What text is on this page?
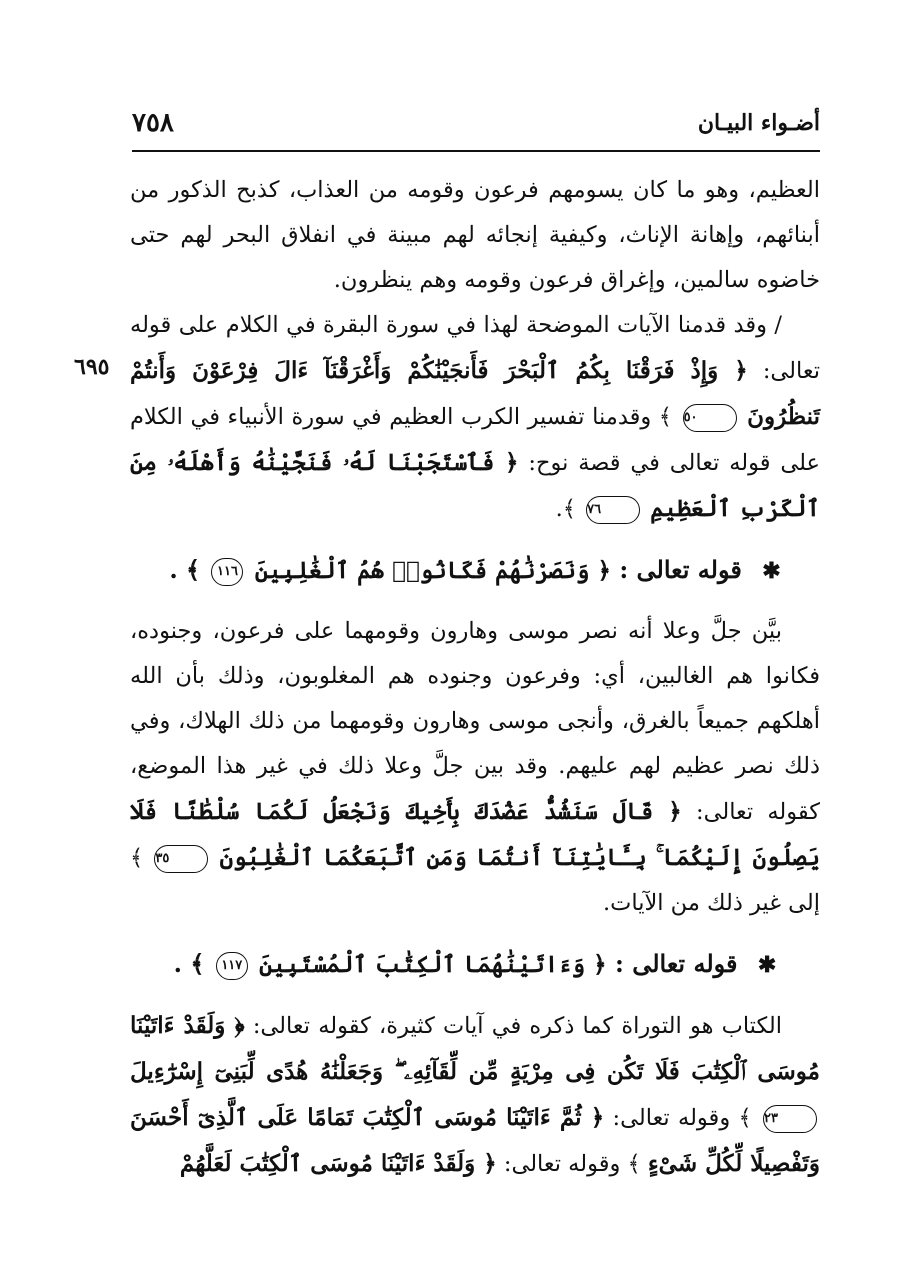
أضـواء البيـان
٧٥٨
٦٩٥

العظيم، وهو ما كان يسومهم فرعون وقومه من العذاب، كذبح الذكور من أبنائهم، وإهانة الإناث، وكيفية إنجائه لهم مبينة في انفلاق البحر لهم حتى خاضوه سالمين، وإغراق فرعون وقومه وهم ينظرون.

/ وقد قدمنا الآيات الموضحة لهذا في سورة البقرة في الكلام على قوله تعالى: ﴿ وَإِذْ فَرَقْنَا بِكُمُ ٱلْبَحْرَ فَأَنجَيْنَٰكُمْ وَأَغْرَقْنَآ ءَالَ فِرْعَوْنَ وَأَنتُمْ تَنظُرُونَ ٥٠ ﴾ وقدمنا تفسير الكرب العظيم في سورة الأنبياء في الكلام على قوله تعالى في قصة نوح: ﴿ فَٱسْتَجَبْنَا لَهُۥ فَنَجَّيْنَٰهُ وَأَهْلَهُۥ مِنَ ٱلْكَرْبِ ٱلْعَظِيمِ ٧٦ ﴾.

✱ قوله تعالى : ﴿ وَنَصَرْنَٰهُمْ فَكَانُوا۟ هُمُ ٱلْغَٰلِبِينَ ١١٦ ﴾ .

بيَّن جلَّ وعلا أنه نصر موسى وهارون وقومهما على فرعون، وجنوده، فكانوا هم الغالبين، أي: وفرعون وجنوده هم المغلوبون، وذلك بأن الله أهلكهم جميعاً بالغرق، وأنجى موسى وهارون وقومهما من ذلك الهلاك، وفي ذلك نصر عظيم لهم عليهم. وقد بين جلَّ وعلا ذلك في غير هذا الموضع، كقوله تعالى: ﴿ قَالَ سَنَشُدُّ عَضُدَكَ بِأَخِيكَ وَنَجْعَلُ لَكُمَا سُلْطَٰنًا فَلَا يَصِلُونَ إِلَيْكُمَا ۚ بِـَٔايَٰتِنَآ أَنتُمَا وَمَنِ ٱتَّبَعَكُمَا ٱلْغَٰلِبُونَ ٣٥ ﴾ إلى غير ذلك من الآيات.

✱ قوله تعالى : ﴿ وَءَاتَيْنَٰهُمَا ٱلْكِتَٰبَ ٱلْمُسْتَبِينَ ١١٧ ﴾ .

الكتاب هو التوراة كما ذكره في آيات كثيرة، كقوله تعالى: ﴿ وَلَقَدْ ءَاتَيْنَا مُوسَى ٱلْكِتَٰبَ فَلَا تَكُن فِى مِرْيَةٍ مِّن لِّقَآئِهِۦ ۖ وَجَعَلْنَٰهُ هُدًى لِّبَنِىٓ إِسْرَٰٓءِيلَ ٢٣ ﴾ وقوله تعالى: ﴿ ثُمَّ ءَاتَيْنَا مُوسَى ٱلْكِتَٰبَ تَمَامًا عَلَى ٱلَّذِىٓ أَحْسَنَ وَتَفْصِيلًا لِّكُلِّ شَىْءٍ ﴾ وقوله تعالى: ﴿ وَلَقَدْ ءَاتَيْنَا مُوسَى ٱلْكِتَٰبَ لَعَلَّهُمْ
